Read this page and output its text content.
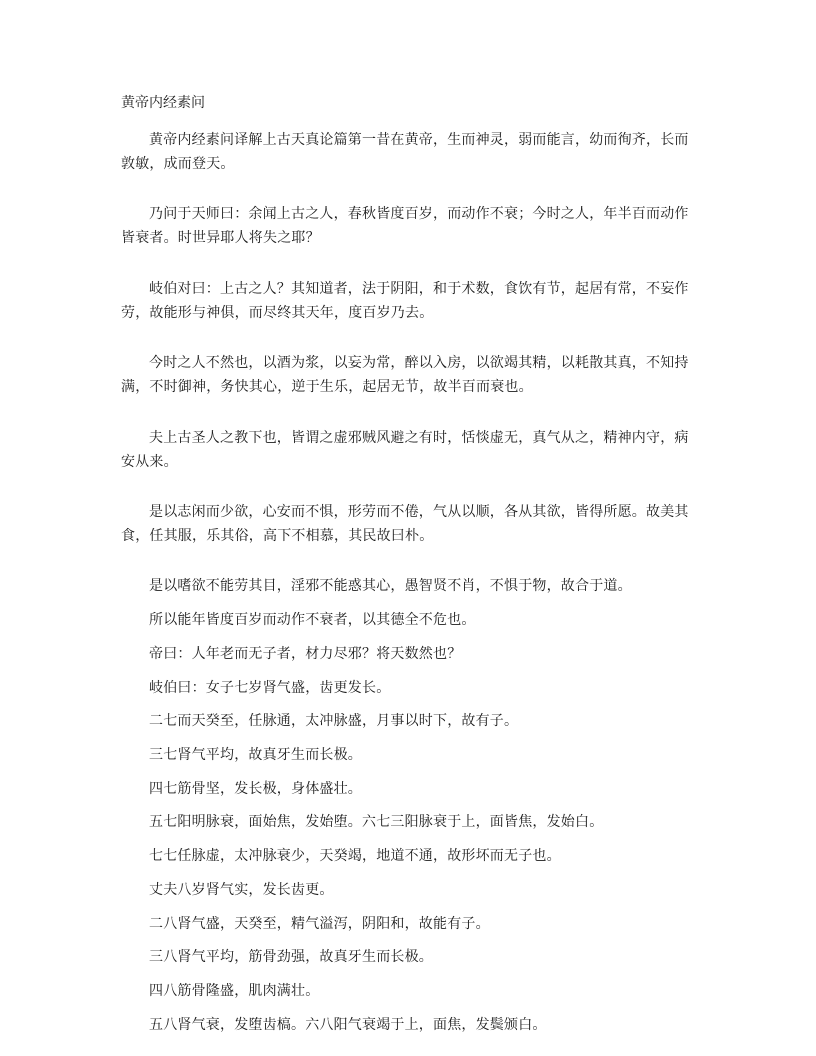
黄帝内经素问

黄帝内经素问译解上古天真论篇第一昔在黄帝，生而神灵，弱而能言，幼而徇齐，长而敦敏，成而登天。

乃问于天师曰：余闻上古之人，春秋皆度百岁，而动作不衰；今时之人，年半百而动作皆衰者。时世异耶人将失之耶？

岐伯对曰：上古之人？其知道者，法于阴阳，和于术数，食饮有节，起居有常，不妄作劳，故能形与神俱，而尽终其天年，度百岁乃去。

今时之人不然也，以酒为浆，以妄为常，醉以入房，以欲竭其精，以耗散其真，不知持满，不时御神，务快其心，逆于生乐，起居无节，故半百而衰也。

夫上古圣人之教下也，皆谓之虚邪贼风避之有时，恬惔虚无，真气从之，精神内守，病安从来。

是以志闲而少欲，心安而不惧，形劳而不倦，气从以顺，各从其欲，皆得所愿。故美其食，任其服，乐其俗，高下不相慕，其民故曰朴。

是以嗜欲不能劳其目，淫邪不能惑其心，愚智贤不肖，不惧于物，故合于道。

所以能年皆度百岁而动作不衰者，以其德全不危也。

帝曰：人年老而无子者，材力尽邪？将天数然也？

岐伯曰：女子七岁肾气盛，齿更发长。

二七而天癸至，任脉通，太冲脉盛，月事以时下，故有子。

三七肾气平均，故真牙生而长极。

四七筋骨坚，发长极，身体盛壮。

五七阳明脉衰，面始焦，发始堕。六七三阳脉衰于上，面皆焦，发始白。

七七任脉虚，太冲脉衰少，天癸竭，地道不通，故形坏而无子也。

丈夫八岁肾气实，发长齿更。

二八肾气盛，天癸至，精气溢泻，阴阳和，故能有子。

三八肾气平均，筋骨劲强，故真牙生而长极。

四八筋骨隆盛，肌肉满壮。

五八肾气衰，发堕齿槁。六八阳气衰竭于上，面焦，发鬓颁白。
